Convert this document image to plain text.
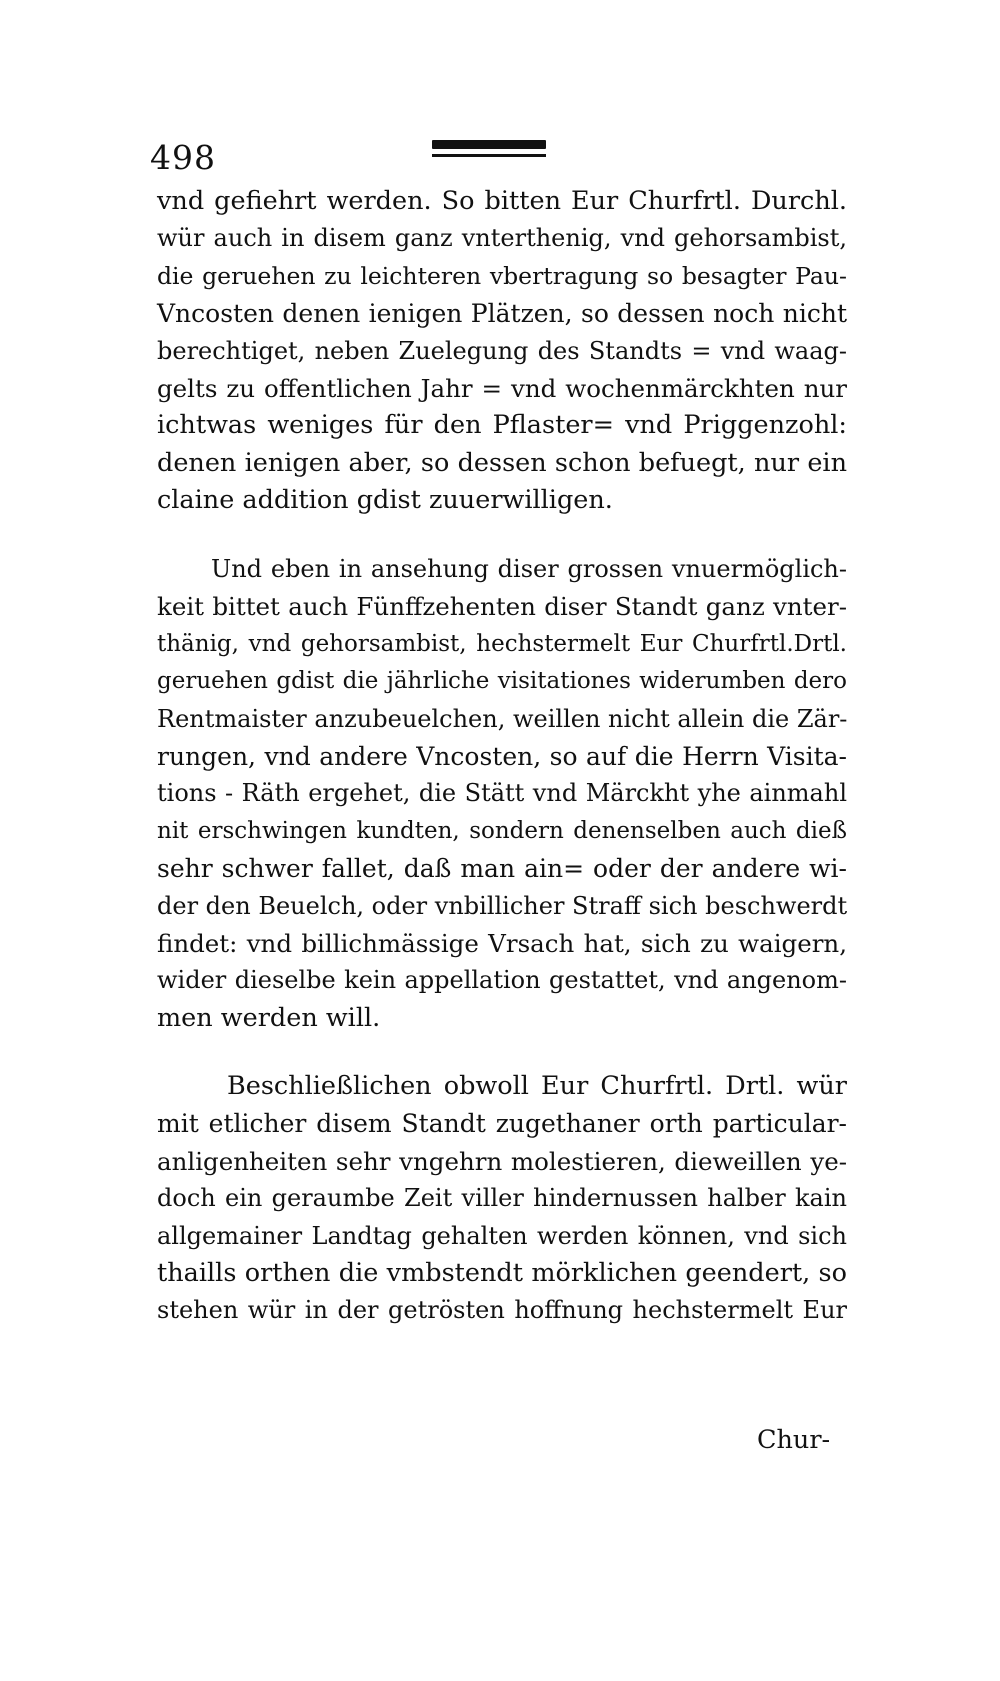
498
vnd gefiehrt werden. So bitten Eur Churfrtl. Durchl.
wür auch in disem ganz vnterthenig, vnd gehorsambist,
die geruehen zu leichteren vbertragung so besagter Pau-
Vncosten denen ienigen Plätzen, so dessen noch nicht
berechtiget, neben Zuelegung des Standts = vnd waag-
gelts zu offentlichen Jahr = vnd wochenmärckhten nur
ichtwas weniges für den Pflaster= vnd Priggenzohl:
denen ienigen aber, so dessen schon befuegt, nur ein
claine addition gdist zuuerwilligen.
Und eben in ansehung diser grossen vnuermöglich-
keit bittet auch Fünffzehenten diser Standt ganz vnter-
thänig, vnd gehorsambist, hechstermelt Eur Churfrtl.Drtl.
geruehen gdist die jährliche visitationes widerumben dero
Rentmaister anzubeuelchen, weillen nicht allein die Zär-
rungen, vnd andere Vncosten, so auf die Herrn Visita-
tions - Räth ergehet, die Stätt vnd Märckht yhe ainmahl
nit erschwingen kundten, sondern denenselben auch dieß
sehr schwer fallet, daß man ain= oder der andere wi-
der den Beuelch, oder vnbillicher Straff sich beschwerdt
findet: vnd billichmässige Vrsach hat, sich zu waigern,
wider dieselbe kein appellation gestattet, vnd angenom-
men werden will.
Beschließlichen obwoll Eur Churfrtl. Drtl. wür
mit etlicher disem Standt zugethaner orth particular-
anligenheiten sehr vngehrn molestieren, dieweillen ye-
doch ein geraumbe Zeit viller hindernussen halber kain
allgemainer Landtag gehalten werden können, vnd sich
thaills orthen die vmbstendt mörklichen geendert, so
stehen wür in der getrösten hoffnung hechstermelt Eur
Chur-
